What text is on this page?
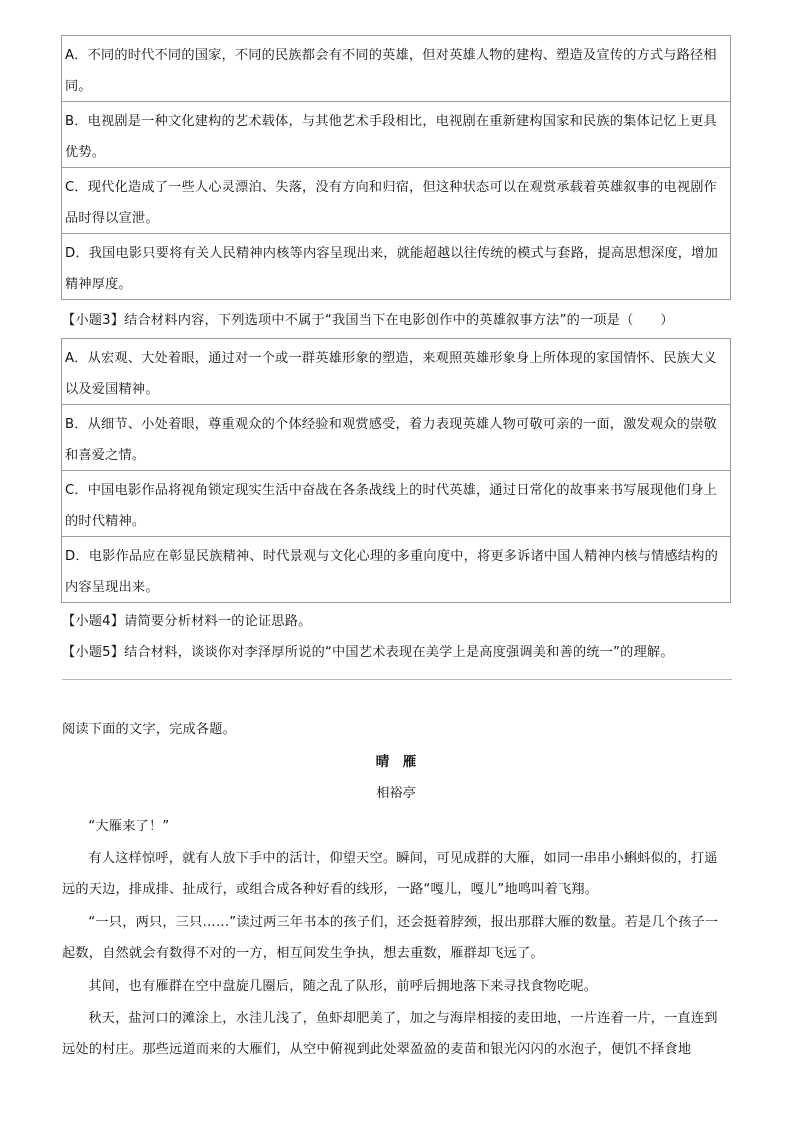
A．不同的时代不同的国家，不同的民族都会有不同的英雄，但对英雄人物的建构、塑造及宣传的方式与路径相同。
B．电视剧是一种文化建构的艺术载体，与其他艺术手段相比，电视剧在重新建构国家和民族的集体记忆上更具优势。
C．现代化造成了一些人心灵漂泊、失落，没有方向和归宿，但这种状态可以在观赏承载着英雄叙事的电视剧作品时得以宣泄。
D．我国电影只要将有关人民精神内核等内容呈现出来，就能超越以往传统的模式与套路，提高思想深度，增加精神厚度。
【小题3】结合材料内容，下列选项中不属于“我国当下在电影创作中的英雄叙事方法”的一项是（　　）
A．从宏观、大处着眼，通过对一个或一群英雄形象的塑造，来观照英雄形象身上所体现的家国情怀、民族大义以及爱国精神。
B．从细节、小处着眼，尊重观众的个体经验和观赏感受，着力表现英雄人物可敬可亲的一面，激发观众的崇敬和喜爱之情。
C．中国电影作品将视角锁定现实生活中奋战在各条战线上的时代英雄，通过日常化的故事来书写展现他们身上的时代精神。
D．电影作品应在彰显民族精神、时代景观与文化心理的多重向度中，将更多诉诸中国人精神内核与情感结构的内容呈现出来。
【小题4】请简要分析材料一的论证思路。
【小题5】结合材料，谈谈你对李泽厚所说的“中国艺术表现在美学上是高度强调美和善的统一”的理解。
阅读下面的文字，完成各题。
晴　雁
相裕亭
“大雁来了！”
有人这样惊呼，就有人放下手中的活计，仰望天空。瞬间，可见成群的大雁，如同一串串小蝌蚪似的，打遥远的天边，排成排、扯成行，或组合成各种好看的线形，一路“嘎儿，嘎儿”地鸣叫着飞翔。
“一只，两只，三只……”读过两三年书本的孩子们，还会挺着脖颈，报出那群大雁的数量。若是几个孩子一起数，自然就会有数得不对的一方，相互间发生争执，想去重数，雁群却飞远了。
其间，也有雁群在空中盘旋几圈后，随之乱了队形，前呼后拥地落下来寻找食物吃呢。
秋天，盐河口的滩涂上，水洼儿浅了，鱼虾却肥美了，加之与海岸相接的麦田地，一片连着一片，一直连到远处的村庄。那些远道而来的大雁们，从空中俯视到此处翠盈盈的麦苗和银光闪闪的水泡子，便饥不择食地
